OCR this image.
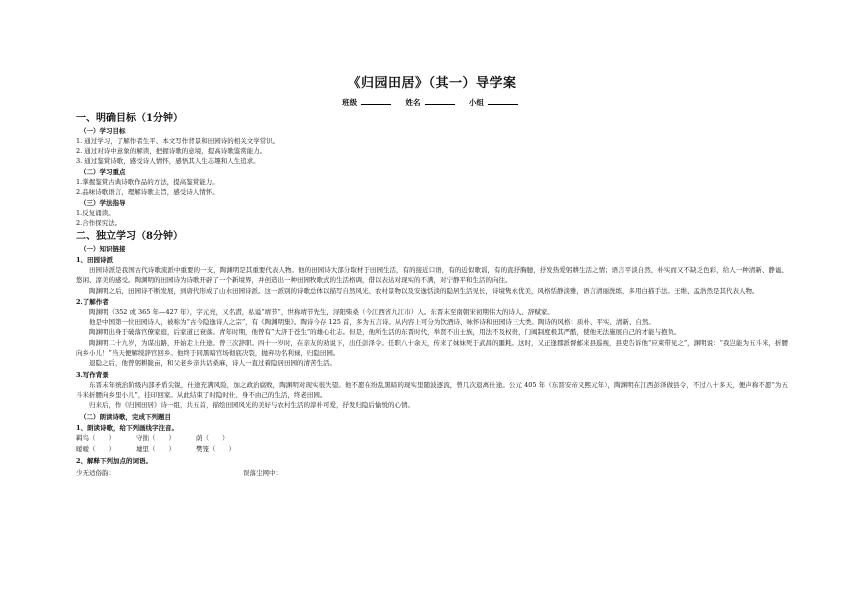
《归园田居》（其一）导学案
班级	姓名	小组
一、明确目标（1分钟）
（一）学习目标

1. 通过学习，了解作者生平、本文写作背景和田园诗的相关文学常识。

2. 通过对诗中意象的解读，把握诗歌的意境，提高诗歌鉴赏能力。

3. 通过鉴赏诗歌，感受诗人情怀，感悟其人生志趣和人生追求。

（二）学习重点

1.掌握鉴赏古典诗歌作品的方法，提高鉴赏能力。

2.品味诗歌语言，理解诗歌主旨，感受诗人情怀。

（三）学法指导

1.反复诵读。

2.合作探究法。

二、独立学习（8分钟）
（一）知识链接
1、田园诗派

田园诗派是我国古代诗歌流派中重要的一支，陶渊明是其重要代表人物。他的田园诗大部分取材于田园生活，有的接近口语，有的近似歌谣，有的直抒胸臆，抒发热爱躬耕生活之情；语言平淡自然，朴实而又不缺乏色彩，给人一种清新、静谧、悠闲、淳美的感受。陶渊明的田园诗为诗歌开辟了一个新境界，并创造出一种田园牧歌式的生活格调，借以表达对现实的不满，对宁静平和生活的向往。

陶渊明之后，田园诗不断发展，到唐代形成了山水田园诗派。这一派别的诗歌总体以描写自然风光、农村景物以及安逸恬淡的隐居生活见长，诗境隽永优美，风格恬静淡雅，语言清丽洗练，多用白描手法。王维、孟浩然是其代表人物。

2.了解作者

陶渊明（352 或 365 年—427 年），字元亮，又名潜，私谥“靖节”，世称靖节先生，浔阳柴桑（今江西省九江市）人。东晋末至南朝宋初期伟大的诗人、辞赋家。

他是中国第一位田园诗人，被称为“古今隐逸诗人之宗”，有《陶渊明集》。陶诗今存 125 首，多为五言诗。从内容上可分为饮酒诗、咏怀诗和田园诗三大类。陶诗的风格：质朴、平实、清新、自然。

陶渊明出身于破落官僚家庭，后家道已衰落。青年时期，他曾有“大济于苍生”的雄心壮志。但是，他所生活的东晋时代，举贤不出士族，用法不及权贵，门阀制度极其严酷，使他无法施展自己的才能与抱负。

陶渊明二十九岁，为谋出路，开始走上仕途。曾三次辞职。四十一岁时，在亲友的劝说下，出任彭泽令。任职八十余天，传来了妹妹死于武昌的噩耗。这时，又正逢郡派督邮来县巡视，县吏告诉他“应束带见之”，渊明说：“我岂能为五斗米，折腰向乡小儿！”当天便解绶辞官回乡。他终于同黑暗官场彻底决裂，抛弃功名利禄，归隐田园。

退隐之后，他曾躬耕陇亩，和父老乡亲共话桑麻，诗人一直过着隐居田园的清苦生活。

3.写作背景

东晋末年统治阶级内部矛盾尖锐，仕途充满风险，加之政治腐败，陶渊明对现实很失望。他不愿在纷乱黑暗的现实里随波逐流，曾几次退离仕途。公元 405 年（东晋安帝义熙元年），陶渊明在江西彭泽做县令，不过八十多天，便声称不愿“为五斗米折腰向乡里小儿”，挂印回家。从此结束了时隐时仕、身不由己的生活，终老田园。

归来后，作《归园田居》诗一组，共五首，描绘田园风光的美好与农村生活的淳朴可爱，抒发归隐后愉悦的心情。

（二）朗读诗歌，完成下列题目
1、朗读诗歌，给下列画线字注音。
羁鸟（　　）	守拙（　　）	荫（　　）
暧暧（　　）	墟里（　　）	樊笼（　　）
2、解释下列加点的词语。
少无适俗韵：	误落尘网中：
